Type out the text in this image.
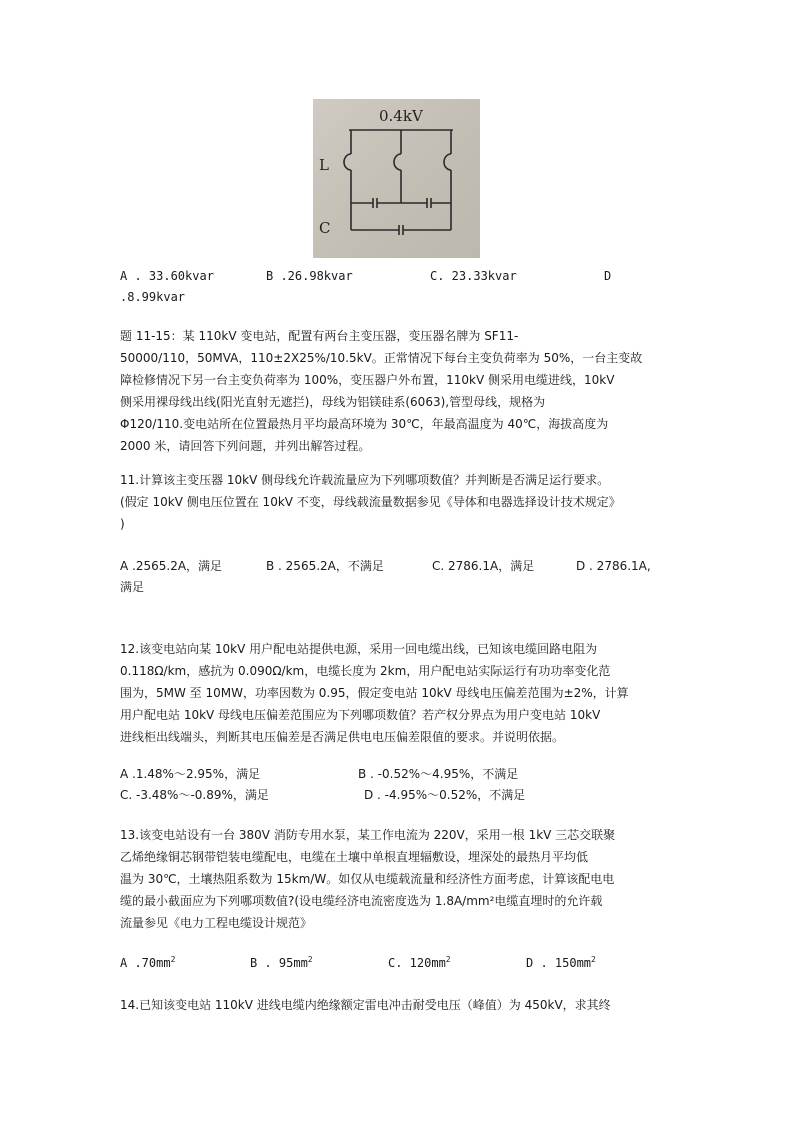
0.4kV
L
C
A . 33.60kvar	B .26.98kvar	C. 23.33kvar	D
.8.99kvar
题 11-15：某 110kV 变电站，配置有两台主变压器，变压器名牌为 SF11-
50000/110，50MVA，110±2X25%/10.5kV。正常情况下每台主变负荷率为 50%，一台主变故
障检修情况下另一台主变负荷率为 100%，变压器户外布置，110kV 侧采用电缆进线，10kV
侧采用裸母线出线(阳光直射无遮拦)，母线为铝镁硅系(6063),管型母线，规格为
Φ120/110.变电站所在位置最热月平均最高环境为 30℃，年最高温度为 40℃，海拔高度为
2000 米，请回答下列问题，并列出解答过程。
11.计算该主变压器 10kV 侧母线允许载流量应为下列哪项数值？并判断是否满足运行要求。
(假定 10kV 侧电压位置在 10kV 不变，母线载流量数据参见《导体和电器选择设计技术规定》
)
A .2565.2A，满足	B . 2565.2A，不满足	C. 2786.1A，满足	D . 2786.1A,
满足
12.该变电站向某 10kV 用户配电站提供电源，采用一回电缆出线，已知该电缆回路电阻为
0.118Ω/km，感抗为 0.090Ω/km，电缆长度为 2km，用户配电站实际运行有功功率变化范
围为，5MW 至 10MW，功率因数为 0.95，假定变电站 10kV 母线电压偏差范围为±2%，计算
用户配电站 10kV 母线电压偏差范围应为下列哪项数值？若产权分界点为用户变电站 10kV
进线柜出线端头，判断其电压偏差是否满足供电电压偏差限值的要求。并说明依据。
A .1.48%～2.95%，满足	B . -0.52%～4.95%，不满足
C. -3.48%～-0.89%，满足	D . -4.95%～0.52%，不满足
13.该变电站设有一台 380V 消防专用水泵，某工作电流为 220V，采用一根 1kV 三芯交联聚
乙烯绝缘铜芯钢带铠装电缆配电，电缆在土壤中单根直埋辐敷设，埋深处的最热月平均低
温为 30℃，土壤热阻系数为 15km/W。如仅从电缆载流量和经济性方面考虑，计算该配电电
缆的最小截面应为下列哪项数值?(设电缆经济电流密度选为 1.8A/mm²电缆直埋时的允许载
流量参见《电力工程电缆设计规范》
A $.70mm^2$	B . $95mm^2$	C. $120mm^2$	D . $150mm^2$
14.已知该变电站 110kV 进线电缆内绝缘额定雷电冲击耐受电压（峰值）为 450kV，求其终
